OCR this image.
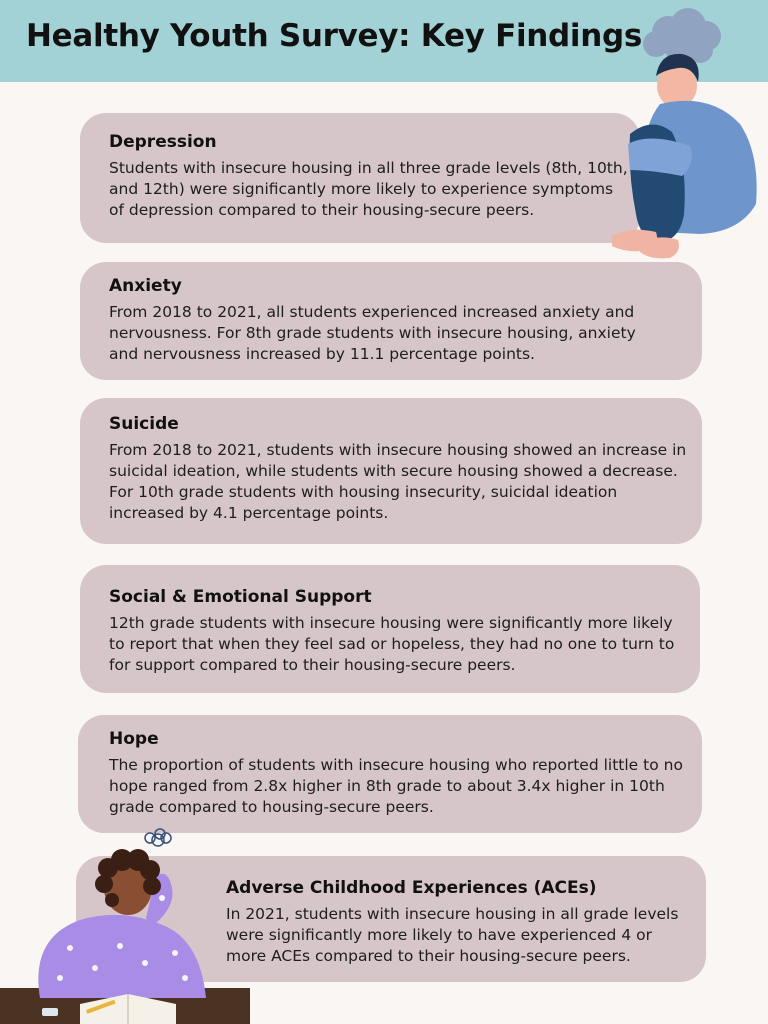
Healthy Youth Survey: Key Findings
Depression
Students with insecure housing in all three grade levels (8th, 10th, and 12th) were significantly more likely to experience symptoms of depression compared to their housing-secure peers.
Anxiety
From 2018 to 2021, all students experienced increased anxiety and nervousness. For 8th grade students with insecure housing, anxiety and nervousness increased by 11.1 percentage points.
Suicide
From 2018 to 2021, students with insecure housing showed an increase in suicidal ideation, while students with secure housing showed a decrease. For 10th grade students with housing insecurity, suicidal ideation increased by 4.1 percentage points.
Social & Emotional Support
12th grade students with insecure housing were significantly more likely to report that when they feel sad or hopeless, they had no one to turn to for support compared to their housing-secure peers.
Hope
The proportion of students with insecure housing who reported little to no hope ranged from 2.8x higher in 8th grade to about 3.4x higher in 10th grade compared to housing-secure peers.
Adverse Childhood Experiences (ACEs)
In 2021, students with insecure housing in all grade levels were significantly more likely to have experienced 4 or more ACEs compared to their housing-secure peers.
